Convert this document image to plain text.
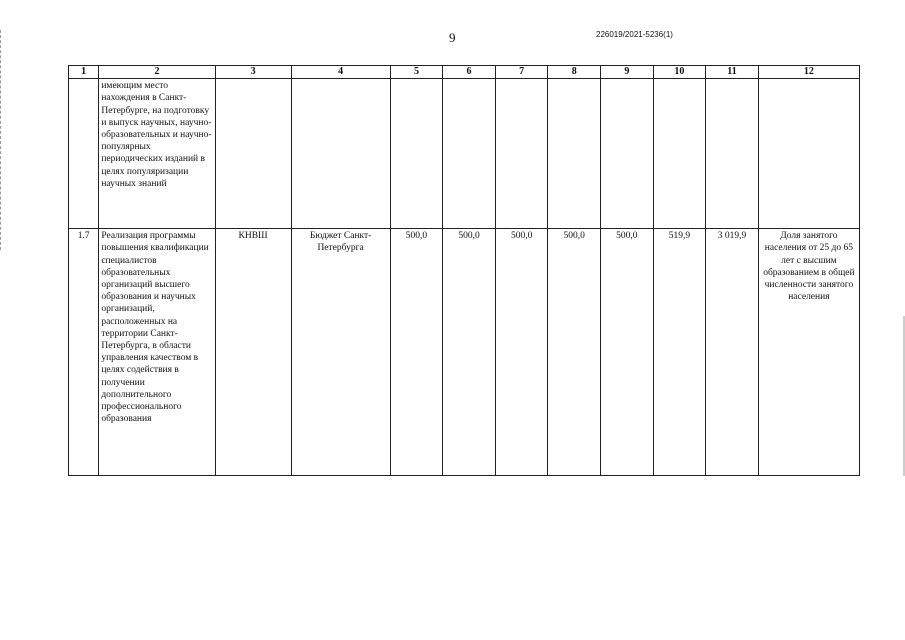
9	226019/2021-5236(1)
1	2	3	4	5	6	7	8	9	10	11	12
	имеющим место нахождения в Санкт-Петербурге, на подготовку и выпуск научных, научно-образовательных и научно-популярных периодических изданий в целях популяризации научных знаний										
1.7	Реализация программы повышения квалификации специалистов образовательных организаций высшего образования и научных организаций, расположенных на территории Санкт-Петербурга, в области управления качеством в целях содействия в получении дополнительного профессионального образования	КНВШ	Бюджет Санкт-Петербурга	500,0	500,0	500,0	500,0	500,0	519,9	3 019,9	Доля занятого населения от 25 до 65 лет с высшим образованием в общей численности занятого населения
